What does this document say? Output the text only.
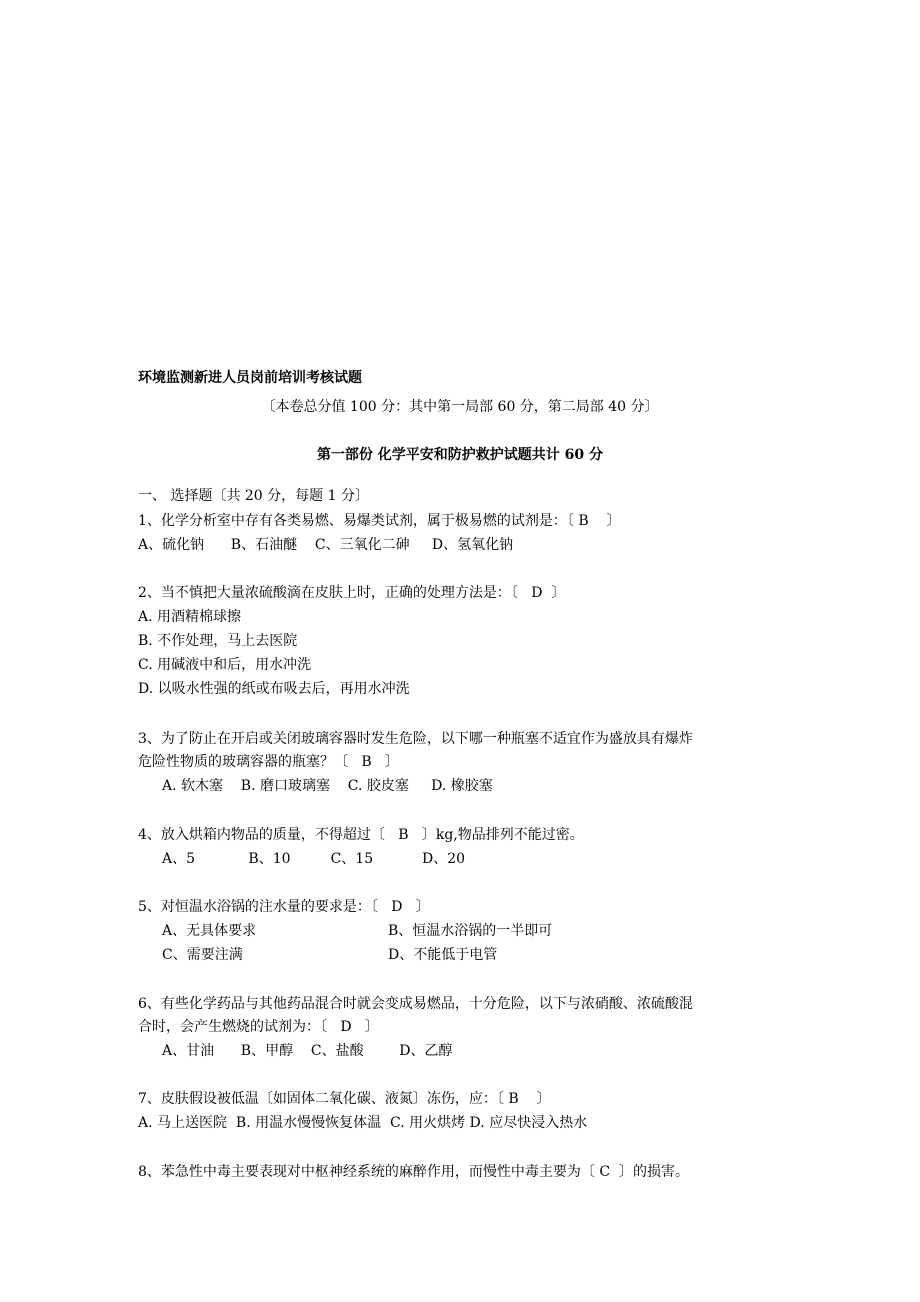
环境监测新进人员岗前培训考核试题
〔本卷总分值 100 分：其中第一局部 60 分，第二局部 40 分〕
第一部份 化学平安和防护救护试题共计 60 分
一、 选择题〔共 20 分，每题 1 分〕
1、化学分析室中存有各类易燃、易爆类试剂，属于极易燃的试剂是：〔 B    〕
A、硫化钠      B、石油醚    C、三氧化二砷     D、氢氧化钠
2、当不慎把大量浓硫酸滴在皮肤上时，正确的处理方法是：〔   D  〕
A. 用酒精棉球擦
B. 不作处理，马上去医院
C. 用碱液中和后，用水冲洗
D. 以吸水性强的纸或布吸去后，再用水冲洗
3、为了防止在开启或关闭玻璃容器时发生危险，以下哪一种瓶塞不适宜作为盛放具有爆炸
危险性物质的玻璃容器的瓶塞？〔   B   〕
A. 软木塞    B. 磨口玻璃塞    C. 胶皮塞     D. 橡胶塞
4、放入烘箱内物品的质量，不得超过〔   B   〕kg,物品排列不能过密。
A、5            B、10         C、15           D、20
5、对恒温水浴锅的注水量的要求是：〔   D   〕
A、无具体要求	B、恒温水浴锅的一半即可
C、需要注满	D、不能低于电管
6、有些化学药品与其他药品混合时就会变成易燃品，十分危险，以下与浓硝酸、浓硫酸混
合时，会产生燃烧的试剂为：〔   D   〕
A、甘油      B、甲醇    C、盐酸        D、乙醇
7、皮肤假设被低温〔如固体二氧化碳、液氮〕冻伤，应：〔 B    〕
A. 马上送医院  B. 用温水慢慢恢复体温  C. 用火烘烤 D. 应尽快浸入热水
8、苯急性中毒主要表现对中枢神经系统的麻醉作用，而慢性中毒主要为〔 C  〕的损害。
